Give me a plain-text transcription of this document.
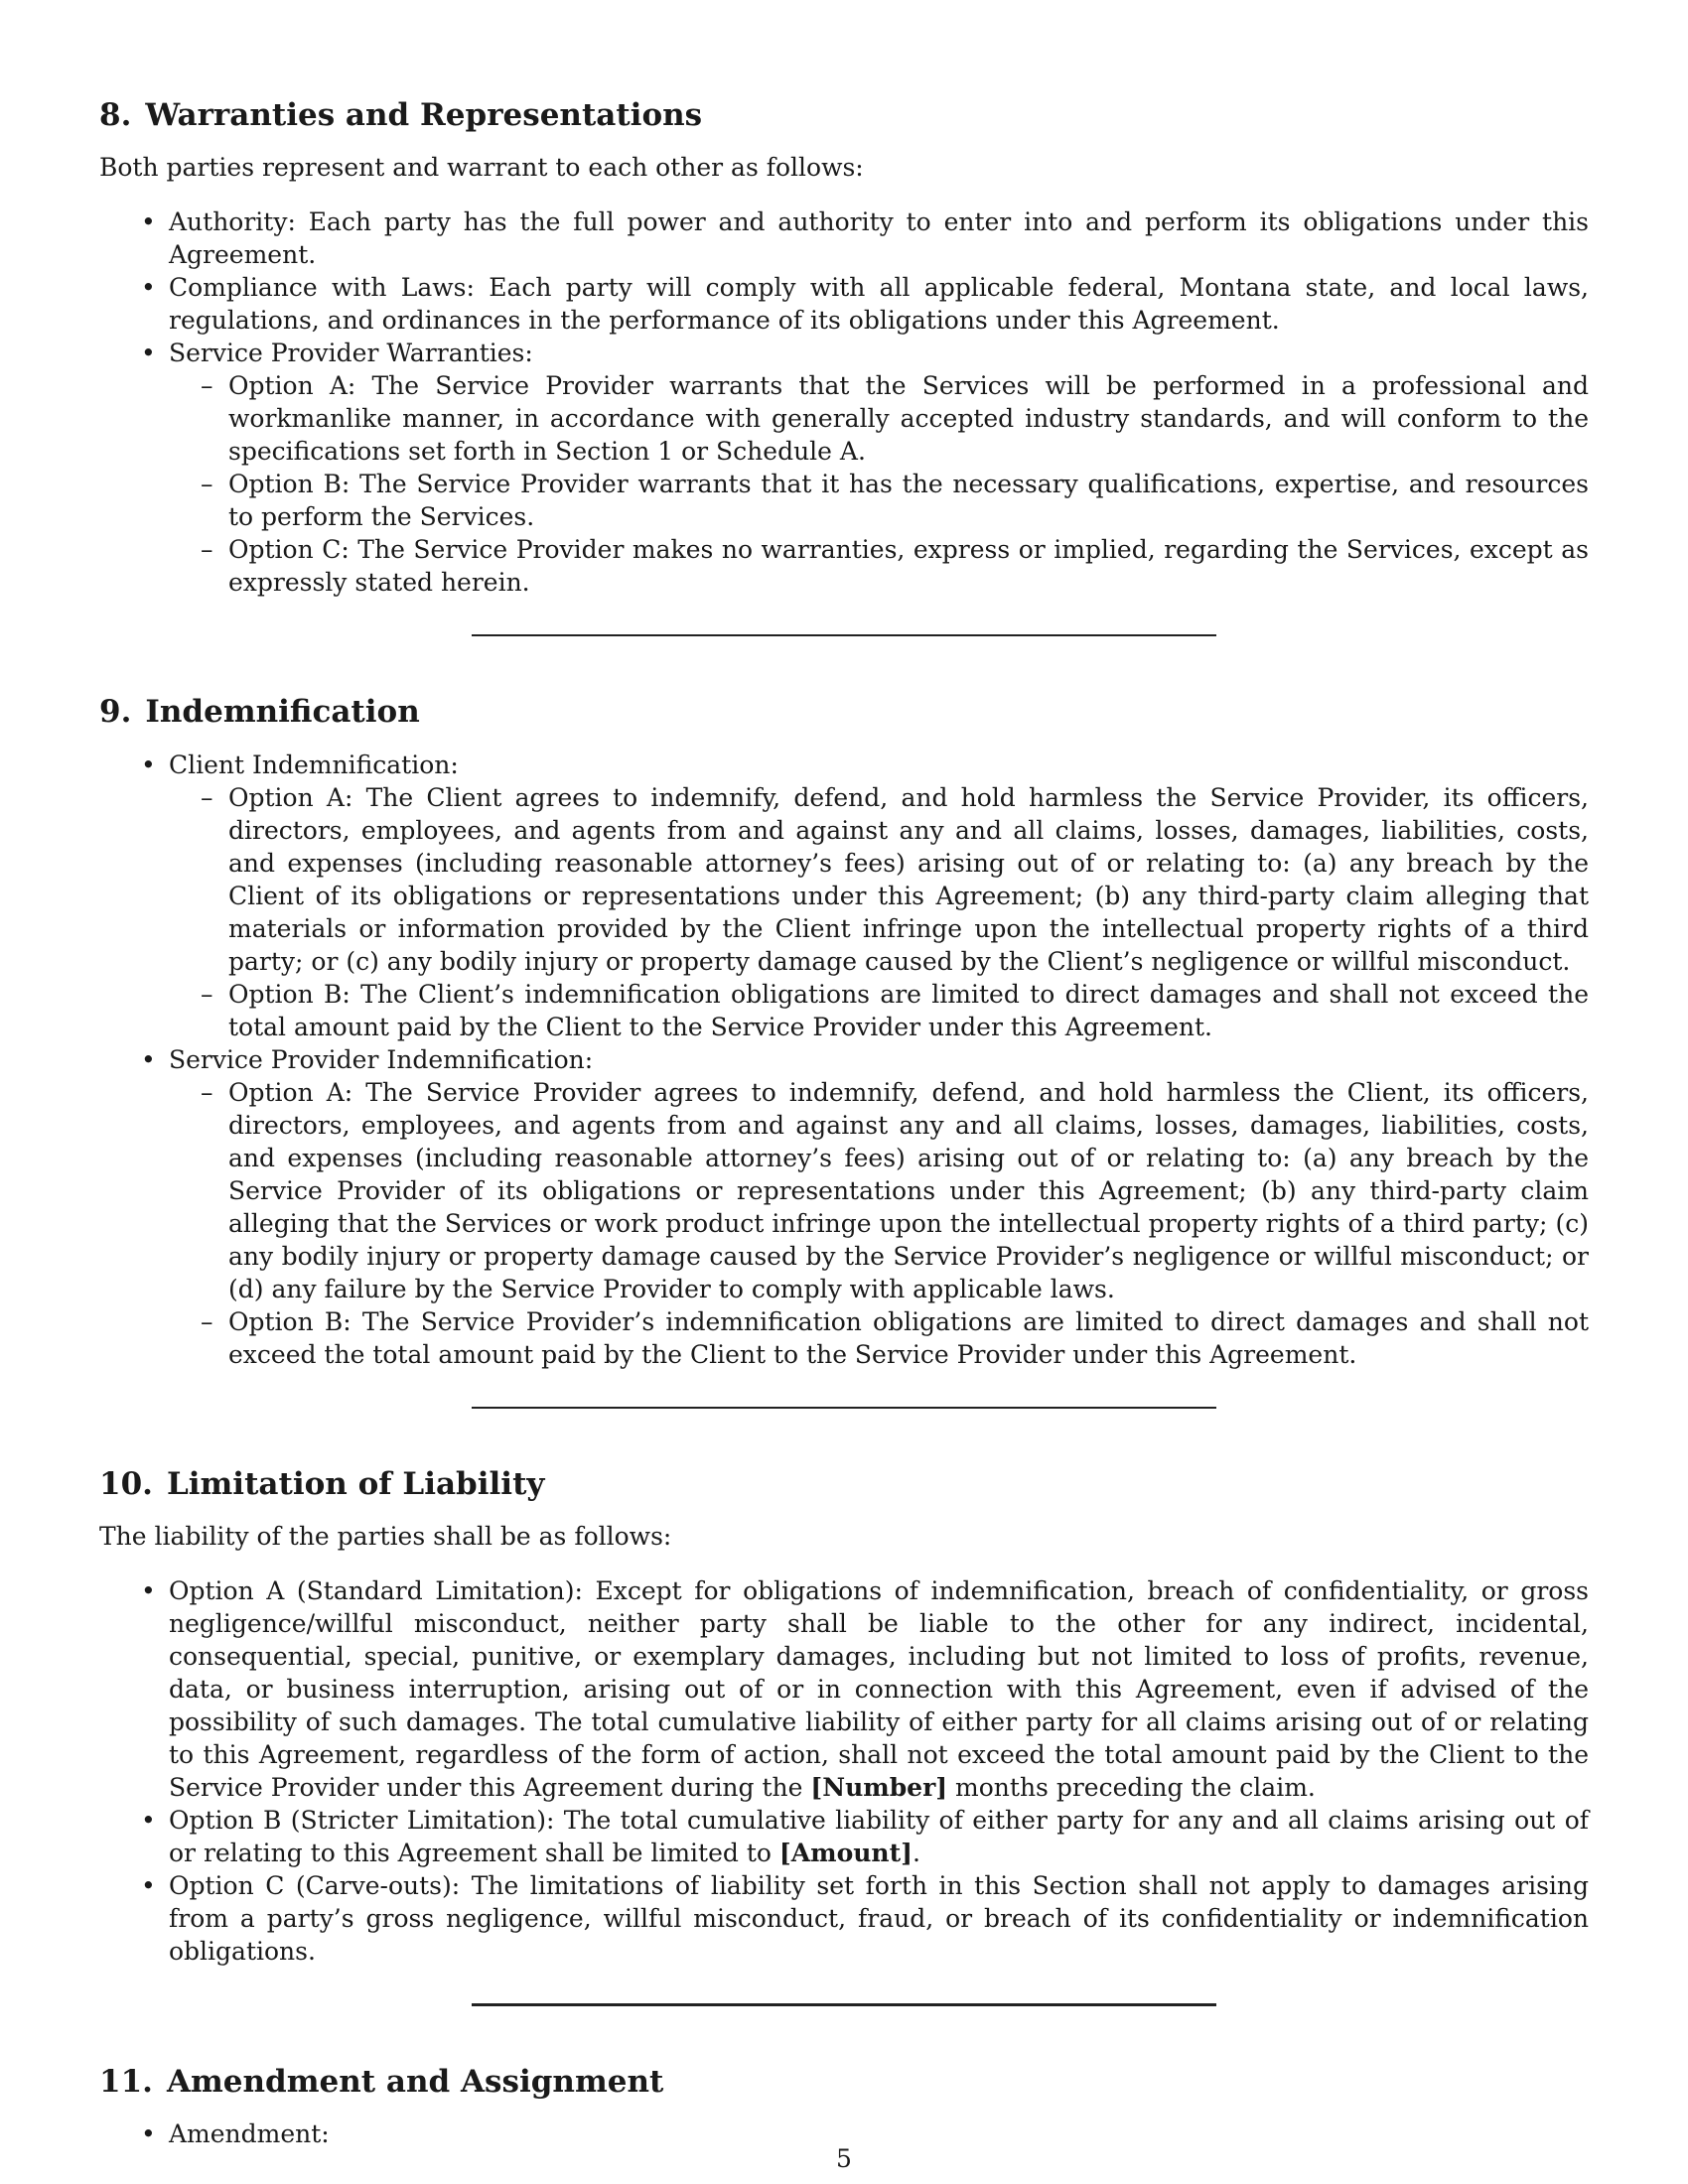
8. Warranties and Representations

Both parties represent and warrant to each other as follows:

• Authority: Each party has the full power and authority to enter into and perform its obligations under this Agreement.
• Compliance with Laws: Each party will comply with all applicable federal, Montana state, and local laws, regulations, and ordinances in the performance of its obligations under this Agreement.
• Service Provider Warranties:
– Option A: The Service Provider warrants that the Services will be performed in a professional and workmanlike manner, in accordance with generally accepted industry standards, and will conform to the specifications set forth in Section 1 or Schedule A.
– Option B: The Service Provider warrants that it has the necessary qualifications, expertise, and resources to perform the Services.
– Option C: The Service Provider makes no warranties, express or implied, regarding the Services, except as expressly stated herein.
9. Indemnification
• Client Indemnification:
– Option A: The Client agrees to indemnify, defend, and hold harmless the Service Provider, its officers, directors, employees, and agents from and against any and all claims, losses, damages, liabilities, costs, and expenses (including reasonable attorney’s fees) arising out of or relating to: (a) any breach by the Client of its obligations or representations under this Agreement; (b) any third-party claim alleging that materials or information provided by the Client infringe upon the intellectual property rights of a third party; or (c) any bodily injury or property damage caused by the Client’s negligence or willful misconduct.
– Option B: The Client’s indemnification obligations are limited to direct damages and shall not exceed the total amount paid by the Client to the Service Provider under this Agreement.
• Service Provider Indemnification:
– Option A: The Service Provider agrees to indemnify, defend, and hold harmless the Client, its officers, directors, employees, and agents from and against any and all claims, losses, damages, liabilities, costs, and expenses (including reasonable attorney’s fees) arising out of or relating to: (a) any breach by the Service Provider of its obligations or representations under this Agreement; (b) any third-party claim alleging that the Services or work product infringe upon the intellectual property rights of a third party; (c) any bodily injury or property damage caused by the Service Provider’s negligence or willful misconduct; or (d) any failure by the Service Provider to comply with applicable laws.
– Option B: The Service Provider’s indemnification obligations are limited to direct damages and shall not exceed the total amount paid by the Client to the Service Provider under this Agreement.
10. Limitation of Liability

The liability of the parties shall be as follows:

• Option A (Standard Limitation): Except for obligations of indemnification, breach of confidentiality, or gross negligence/willful misconduct, neither party shall be liable to the other for any indirect, incidental, consequential, special, punitive, or exemplary damages, including but not limited to loss of profits, revenue, data, or business interruption, arising out of or in connection with this Agreement, even if advised of the possibility of such damages. The total cumulative liability of either party for all claims arising out of or relating to this Agreement, regardless of the form of action, shall not exceed the total amount paid by the Client to the Service Provider under this Agreement during the [Number] months preceding the claim.
• Option B (Stricter Limitation): The total cumulative liability of either party for any and all claims arising out of or relating to this Agreement shall be limited to [Amount].
• Option C (Carve-outs): The limitations of liability set forth in this Section shall not apply to damages arising from a party’s gross negligence, willful misconduct, fraud, or breach of its confidentiality or indemnification obligations.
11. Amendment and Assignment
• Amendment:
5
